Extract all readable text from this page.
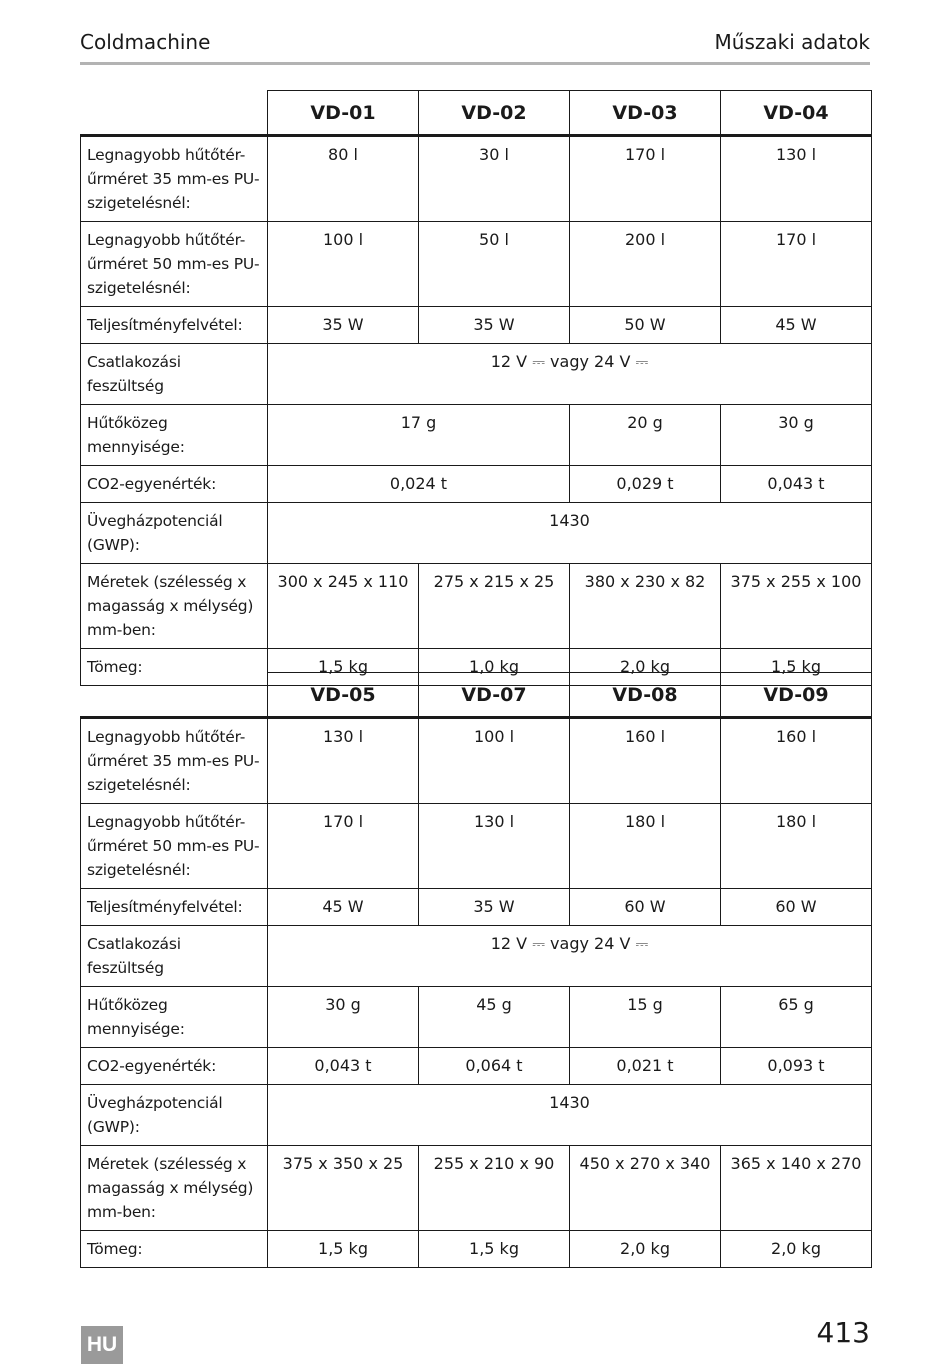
Coldmachine	Műszaki adatok
	VD-01	VD-02	VD-03	VD-04
Legnagyobb hűtőtér-űrméret 35 mm-es PU-szigetelésnél:	80 l	30 l	170 l	130 l
Legnagyobb hűtőtér-űrméret 50 mm-es PU-szigetelésnél:	100 l	50 l	200 l	170 l
Teljesítményfelvétel:	35 W	35 W	50 W	45 W
Csatlakozási feszültség	12 V ⎓ vagy 24 V ⎓			
Hűtőközeg mennyisége:	17 g		20 g	30 g
CO2-egyenérték:	0,024 t		0,029 t	0,043 t
Üvegházpotenciál (GWP):	1430			
Méretek (szélesség x magasság x mélység) mm-ben:	300 x 245 x 110	275 x 215 x 25	380 x 230 x 82	375 x 255 x 100
Tömeg:	1,5 kg	1,0 kg	2,0 kg	1,5 kg
	VD-05	VD-07	VD-08	VD-09
Legnagyobb hűtőtér-űrméret 35 mm-es PU-szigetelésnél:	130 l	100 l	160 l	160 l
Legnagyobb hűtőtér-űrméret 50 mm-es PU-szigetelésnél:	170 l	130 l	180 l	180 l
Teljesítményfelvétel:	45 W	35 W	60 W	60 W
Csatlakozási feszültség	12 V ⎓ vagy 24 V ⎓			
Hűtőközeg mennyisége:	30 g	45 g	15 g	65 g
CO2-egyenérték:	0,043 t	0,064 t	0,021 t	0,093 t
Üvegházpotenciál (GWP):	1430			
Méretek (szélesség x magasság x mélység) mm-ben:	375 x 350 x 25	255 x 210 x 90	450 x 270 x 340	365 x 140 x 270
Tömeg:	1,5 kg	1,5 kg	2,0 kg	2,0 kg
HU	413
